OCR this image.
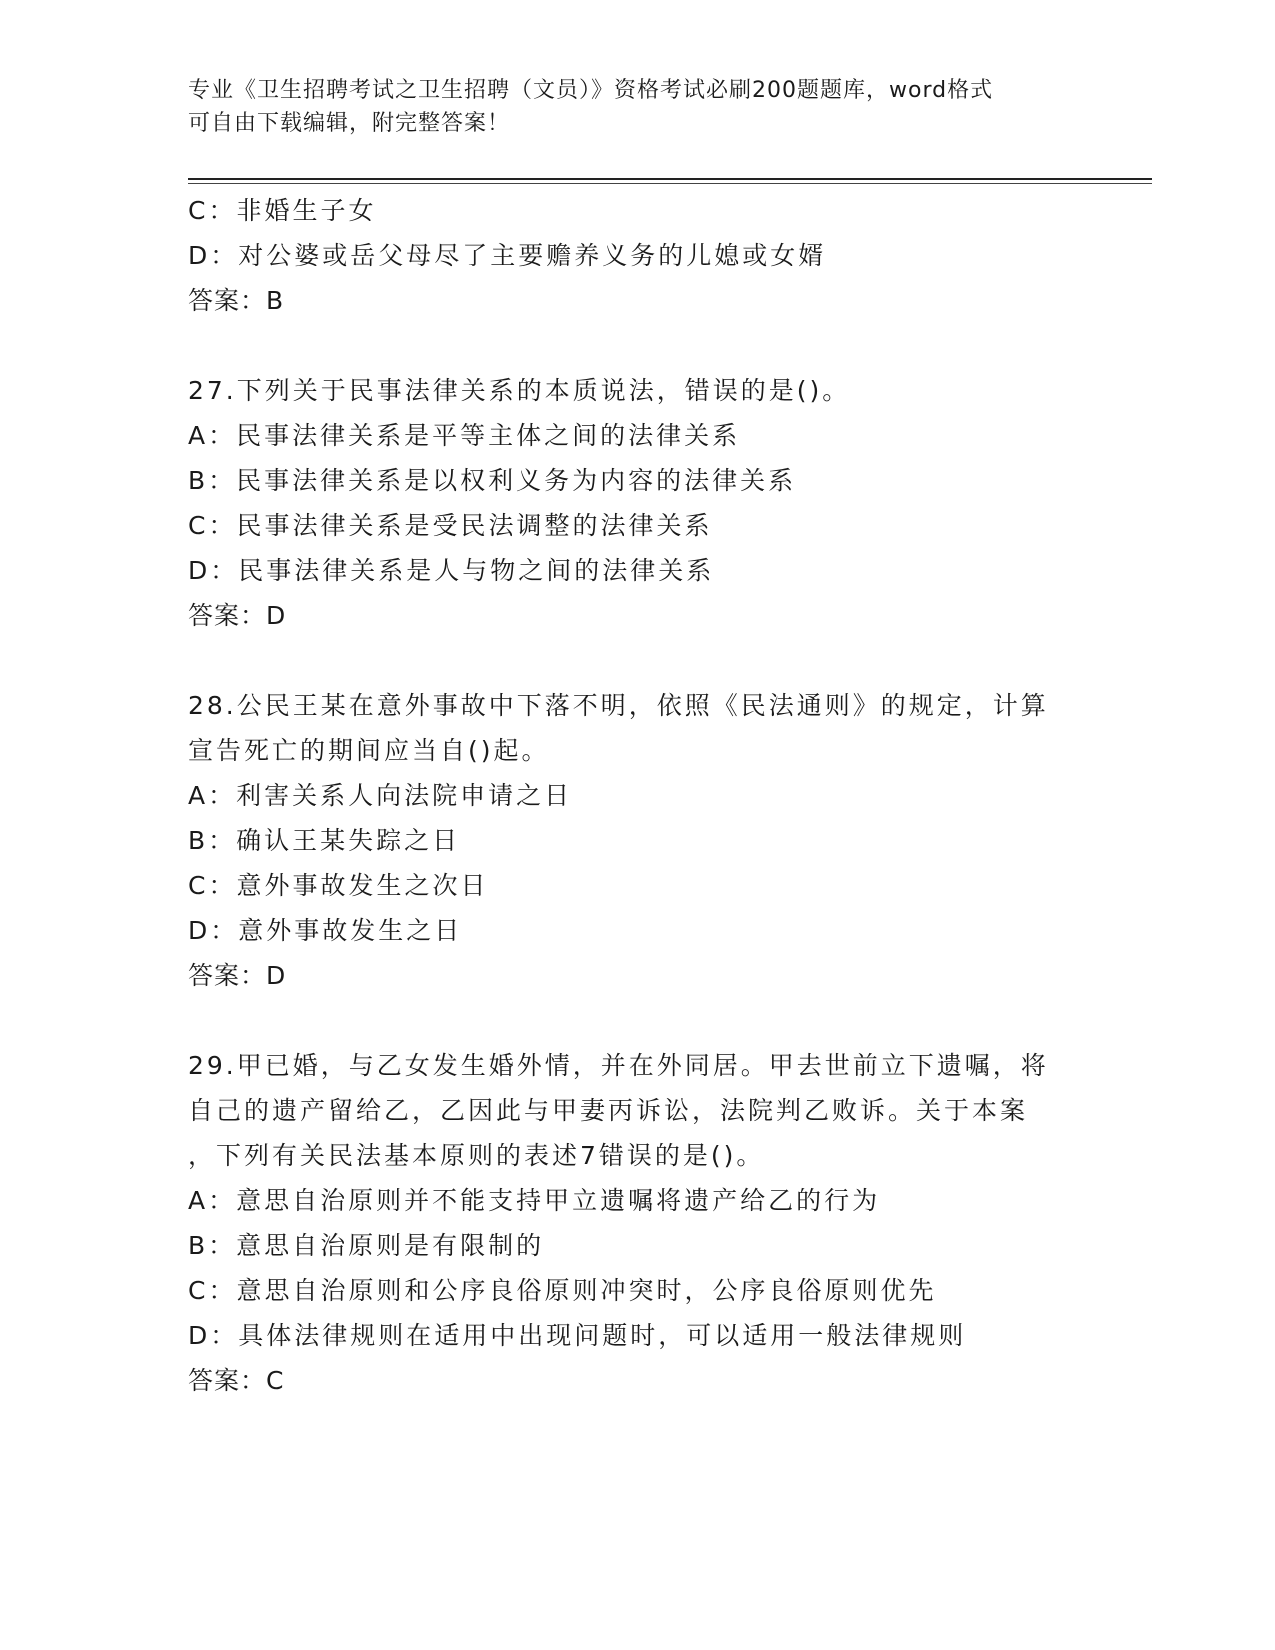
专业《卫生招聘考试之卫生招聘（文员）》资格考试必刷200题题库，word格式
可自由下载编辑，附完整答案！
C：非婚生子女
D：对公婆或岳父母尽了主要赡养义务的儿媳或女婿
答案：B
27.下列关于民事法律关系的本质说法，错误的是()。
A：民事法律关系是平等主体之间的法律关系
B：民事法律关系是以权利义务为内容的法律关系
C：民事法律关系是受民法调整的法律关系
D：民事法律关系是人与物之间的法律关系
答案：D
28.公民王某在意外事故中下落不明，依照《民法通则》的规定，计算
宣告死亡的期间应当自()起。
A：利害关系人向法院申请之日
B：确认王某失踪之日
C：意外事故发生之次日
D：意外事故发生之日
答案：D
29.甲已婚，与乙女发生婚外情，并在外同居。甲去世前立下遗嘱，将
自己的遗产留给乙，乙因此与甲妻丙诉讼，法院判乙败诉。关于本案
，下列有关民法基本原则的表述7错误的是()。
A：意思自治原则并不能支持甲立遗嘱将遗产给乙的行为
B：意思自治原则是有限制的
C：意思自治原则和公序良俗原则冲突时，公序良俗原则优先
D：具体法律规则在适用中出现问题时，可以适用一般法律规则
答案：C
